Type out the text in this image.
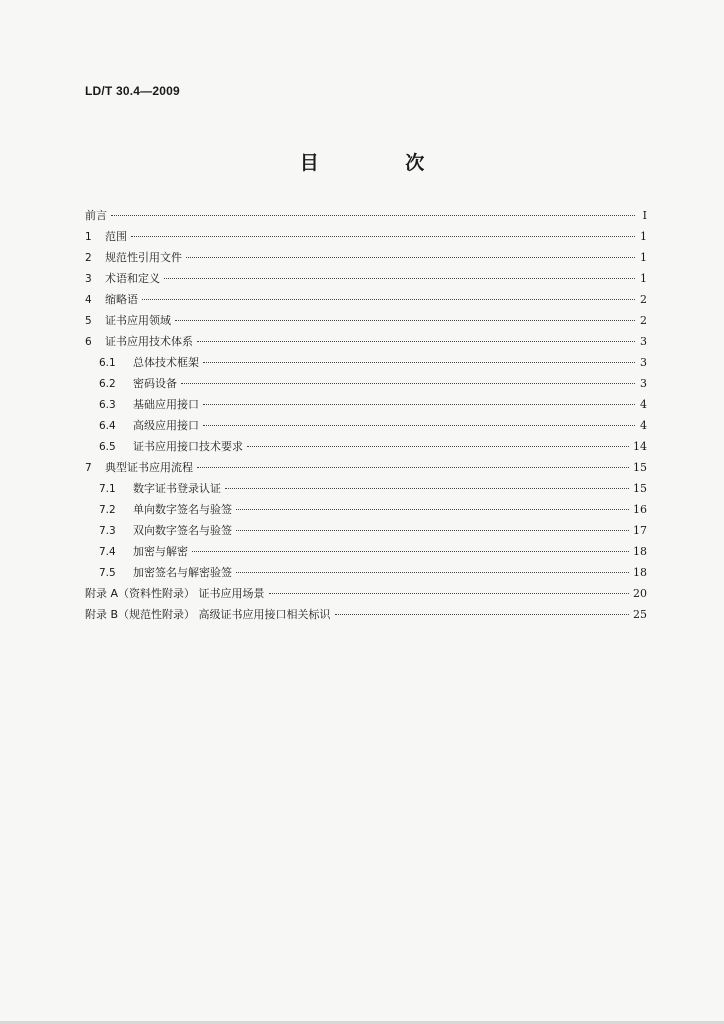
LD/T 30.4—2009
目 次
前言	Ⅰ
1	范围	1
2	规范性引用文件	1
3	术语和定义	1
4	缩略语	2
5	证书应用领域	2
6	证书应用技术体系	3
6.1	总体技术框架	3
6.2	密码设备	3
6.3	基础应用接口	4
6.4	高级应用接口	4
6.5	证书应用接口技术要求	14
7	典型证书应用流程	15
7.1	数字证书登录认证	15
7.2	单向数字签名与验签	16
7.3	双向数字签名与验签	17
7.4	加密与解密	18
7.5	加密签名与解密验签	18
附录 A（资料性附录） 证书应用场景	20
附录 B（规范性附录） 高级证书应用接口相关标识	25
